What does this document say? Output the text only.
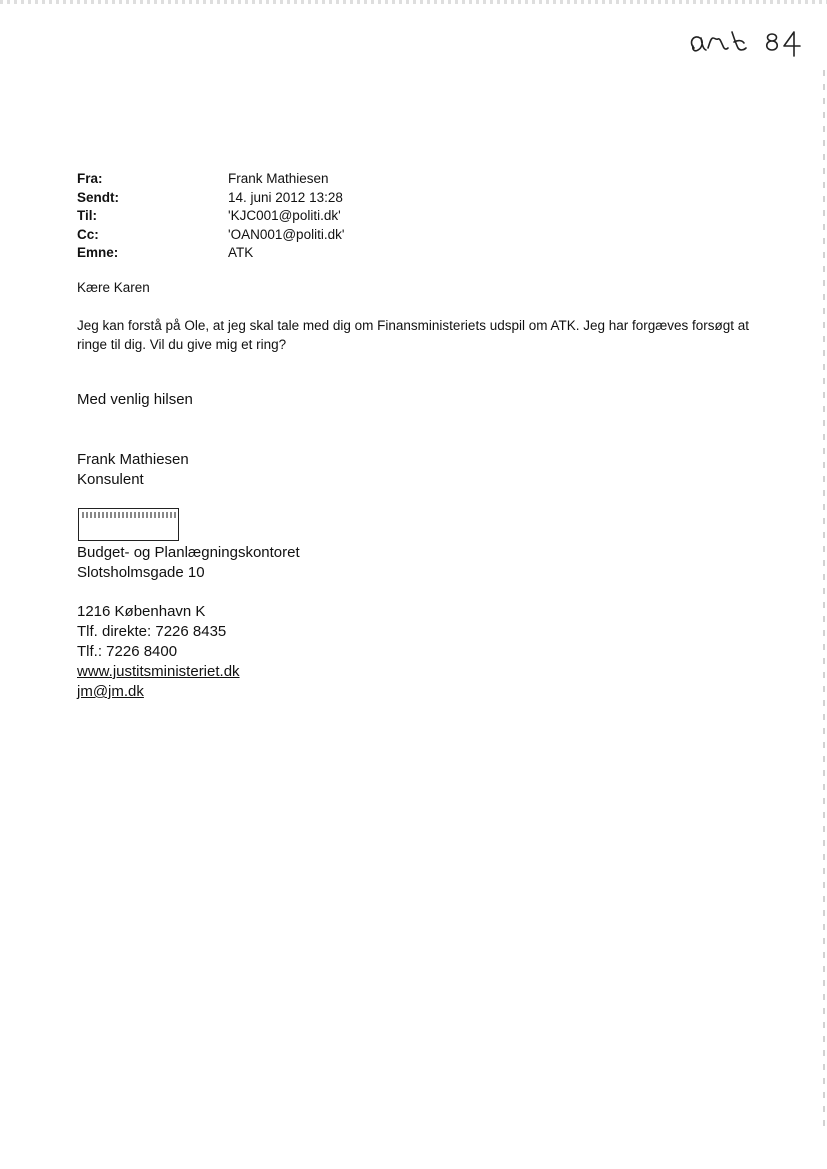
Fra:	Frank Mathiesen
Sendt:	14. juni 2012 13:28
Til:	'KJC001@politi.dk'
Cc:	'OAN001@politi.dk'
Emne:	ATK
Kære Karen
Jeg kan forstå på Ole, at jeg skal tale med dig om Finansministeriets udspil om ATK. Jeg har forgæves forsøgt at
ringe til dig. Vil du give mig et ring?
Med venlig hilsen
Frank Mathiesen
Konsulent
Budget- og Planlægningskontoret
Slotsholmsgade 10
1216 København K
Tlf. direkte: 7226 8435
Tlf.: 7226 8400
www.justitsministeriet.dk
jm@jm.dk
